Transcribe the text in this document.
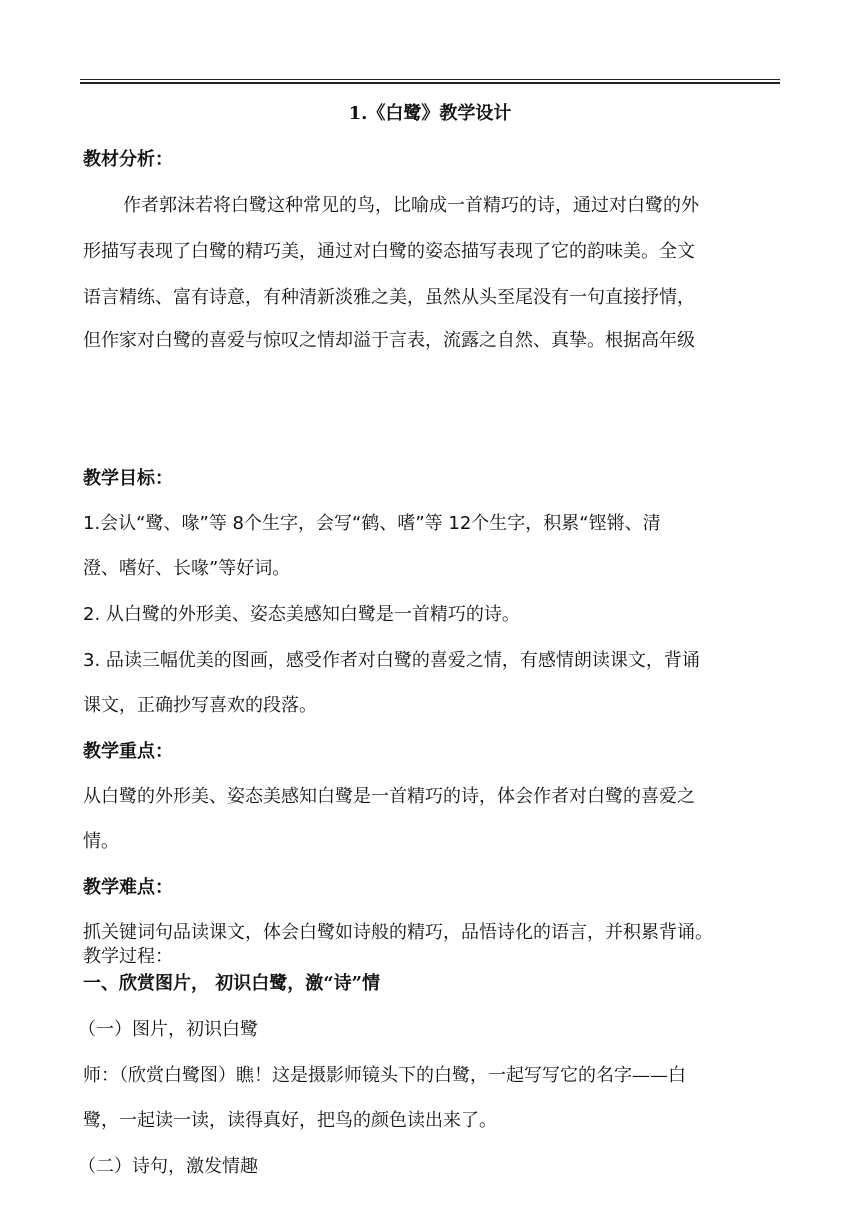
1.《白鹭》教学设计
教材分析：
作者郭沫若将白鹭这种常见的鸟，比喻成一首精巧的诗，通过对白鹭的外
形描写表现了白鹭的精巧美，通过对白鹭的姿态描写表现了它的韵味美。全文
语言精练、富有诗意，有种清新淡雅之美，虽然从头至尾没有一句直接抒情，
但作家对白鹭的喜爱与惊叹之情却溢于言表，流露之自然、真挚。根据高年级
教学目标：
1.会认“鹭、喙”等 8个生字，会写“鹤、嗜”等 12个生字，积累“铿锵、清
澄、嗜好、长喙”等好词。
2. 从白鹭的外形美、姿态美感知白鹭是一首精巧的诗。
3. 品读三幅优美的图画，感受作者对白鹭的喜爱之情，有感情朗读课文，背诵
课文，正确抄写喜欢的段落。
教学重点：
从白鹭的外形美、姿态美感知白鹭是一首精巧的诗，体会作者对白鹭的喜爱之
情。
教学难点：
抓关键词句品读课文，体会白鹭如诗般的精巧，品悟诗化的语言，并积累背诵。
教学过程：
一、欣赏图片， 初识白鹭，激“诗”情
（一）图片，初识白鹭
师：（欣赏白鹭图）瞧！这是摄影师镜头下的白鹭，一起写写它的名字——白
鹭，一起读一读，读得真好，把鸟的颜色读出来了。
（二）诗句，激发情趣
